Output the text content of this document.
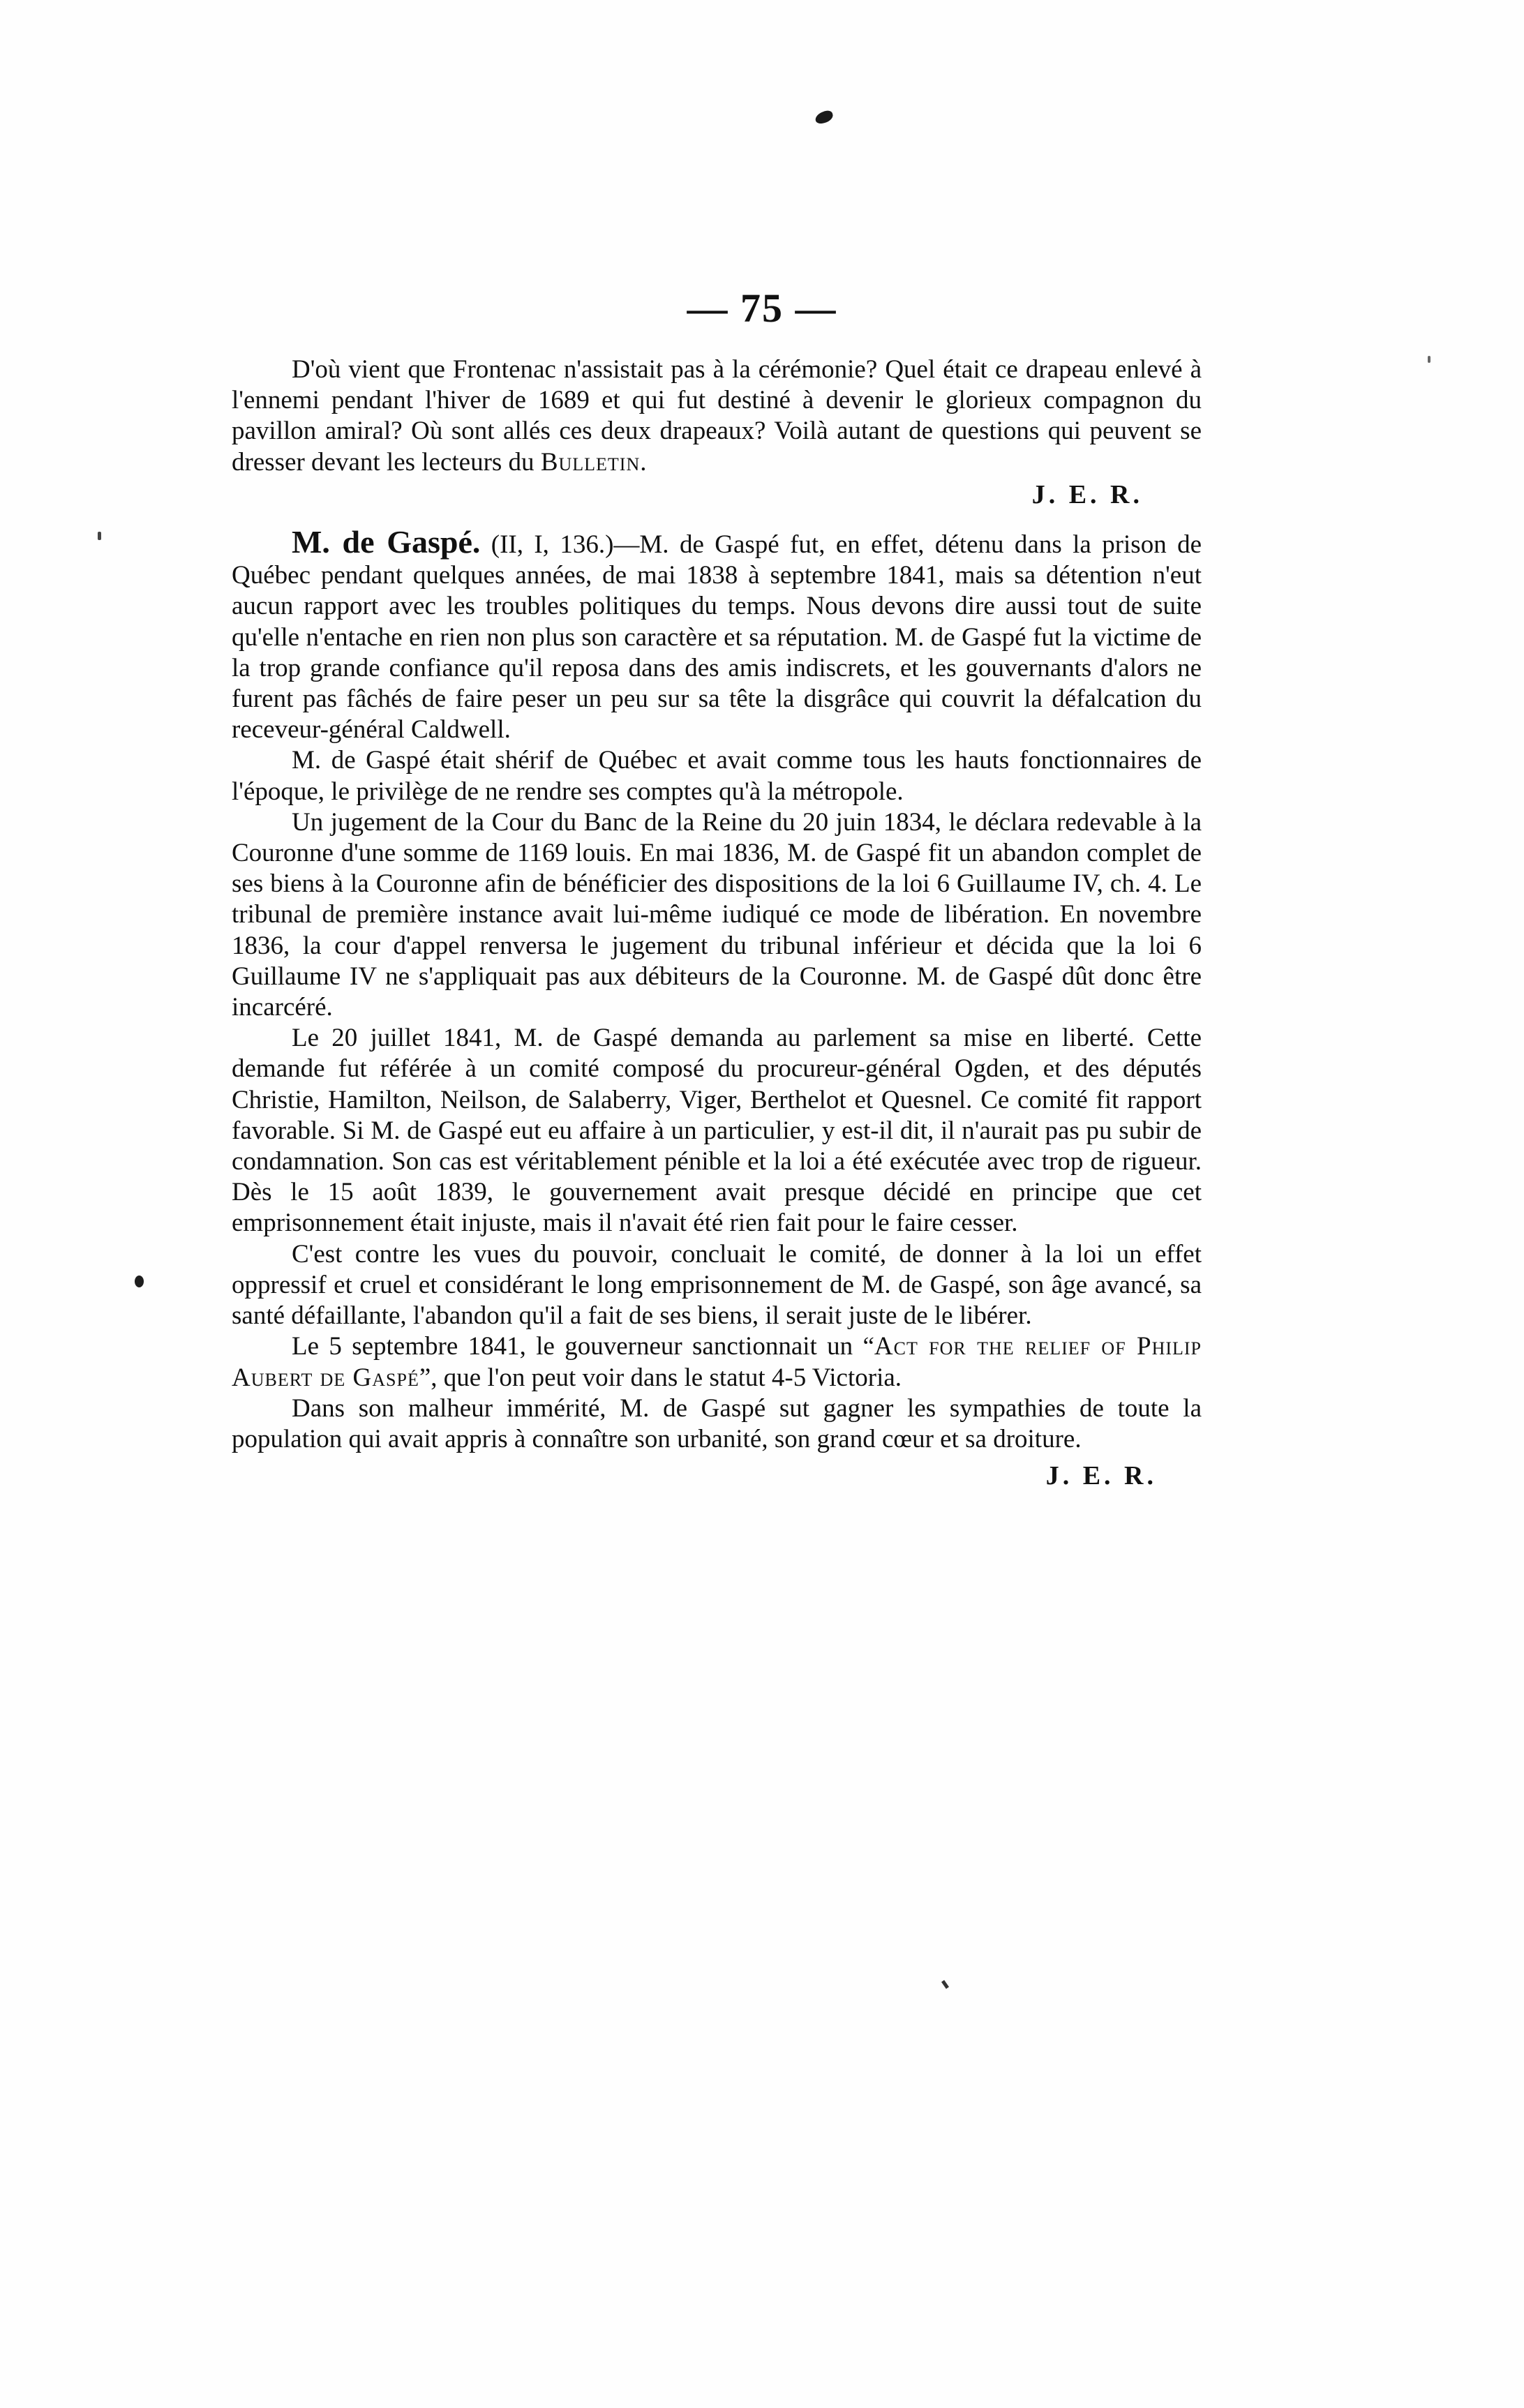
— 75 —

D'où vient que Frontenac n'assistait pas à la cérémonie? Quel était ce drapeau enlevé à l'ennemi pendant l'hiver de 1689 et qui fut destiné à devenir le glorieux compagnon du pavillon amiral? Où sont allés ces deux drapeaux? Voilà autant de questions qui peuvent se dresser devant les lecteurs du Bulletin.

J. E. R.

M. de Gaspé. (II, I, 136.)—M. de Gaspé fut, en effet, détenu dans la prison de Québec pendant quelques années, de mai 1838 à septembre 1841, mais sa détention n'eut aucun rapport avec les troubles politiques du temps. Nous devons dire aussi tout de suite qu'elle n'entache en rien non plus son caractère et sa réputation. M. de Gaspé fut la victime de la trop grande confiance qu'il reposa dans des amis indiscrets, et les gouvernants d'alors ne furent pas fâchés de faire peser un peu sur sa tête la disgrâce qui couvrit la défalcation du receveur-général Caldwell.

M. de Gaspé était shérif de Québec et avait comme tous les hauts fonctionnaires de l'époque, le privilège de ne rendre ses comptes qu'à la métropole.

Un jugement de la Cour du Banc de la Reine du 20 juin 1834, le déclara redevable à la Couronne d'une somme de 1169 louis. En mai 1836, M. de Gaspé fit un abandon complet de ses biens à la Couronne afin de bénéficier des dispositions de la loi 6 Guillaume IV, ch. 4. Le tribunal de première instance avait lui-même iudiqué ce mode de libération. En novembre 1836, la cour d'appel renversa le jugement du tribunal inférieur et décida que la loi 6 Guillaume IV ne s'appliquait pas aux débiteurs de la Couronne. M. de Gaspé dût donc être incarcéré.

Le 20 juillet 1841, M. de Gaspé demanda au parlement sa mise en liberté. Cette demande fut référée à un comité composé du procureur-général Ogden, et des députés Christie, Hamilton, Neilson, de Salaberry, Viger, Berthelot et Quesnel. Ce comité fit rapport favorable. Si M. de Gaspé eut eu affaire à un particulier, y est-il dit, il n'aurait pas pu subir de condamnation. Son cas est véritablement pénible et la loi a été exécutée avec trop de rigueur. Dès le 15 août 1839, le gouvernement avait presque décidé en principe que cet emprisonnement était injuste, mais il n'avait été rien fait pour le faire cesser.

C'est contre les vues du pouvoir, concluait le comité, de donner à la loi un effet oppressif et cruel et considérant le long emprisonnement de M. de Gaspé, son âge avancé, sa santé défaillante, l'abandon qu'il a fait de ses biens, il serait juste de le libérer.

Le 5 septembre 1841, le gouverneur sanctionnait un “Act for the relief of Philip Aubert de Gaspé”, que l'on peut voir dans le statut 4-5 Victoria.

Dans son malheur immérité, M. de Gaspé sut gagner les sympathies de toute la population qui avait appris à connaître son urbanité, son grand cœur et sa droiture.

J. E. R.
